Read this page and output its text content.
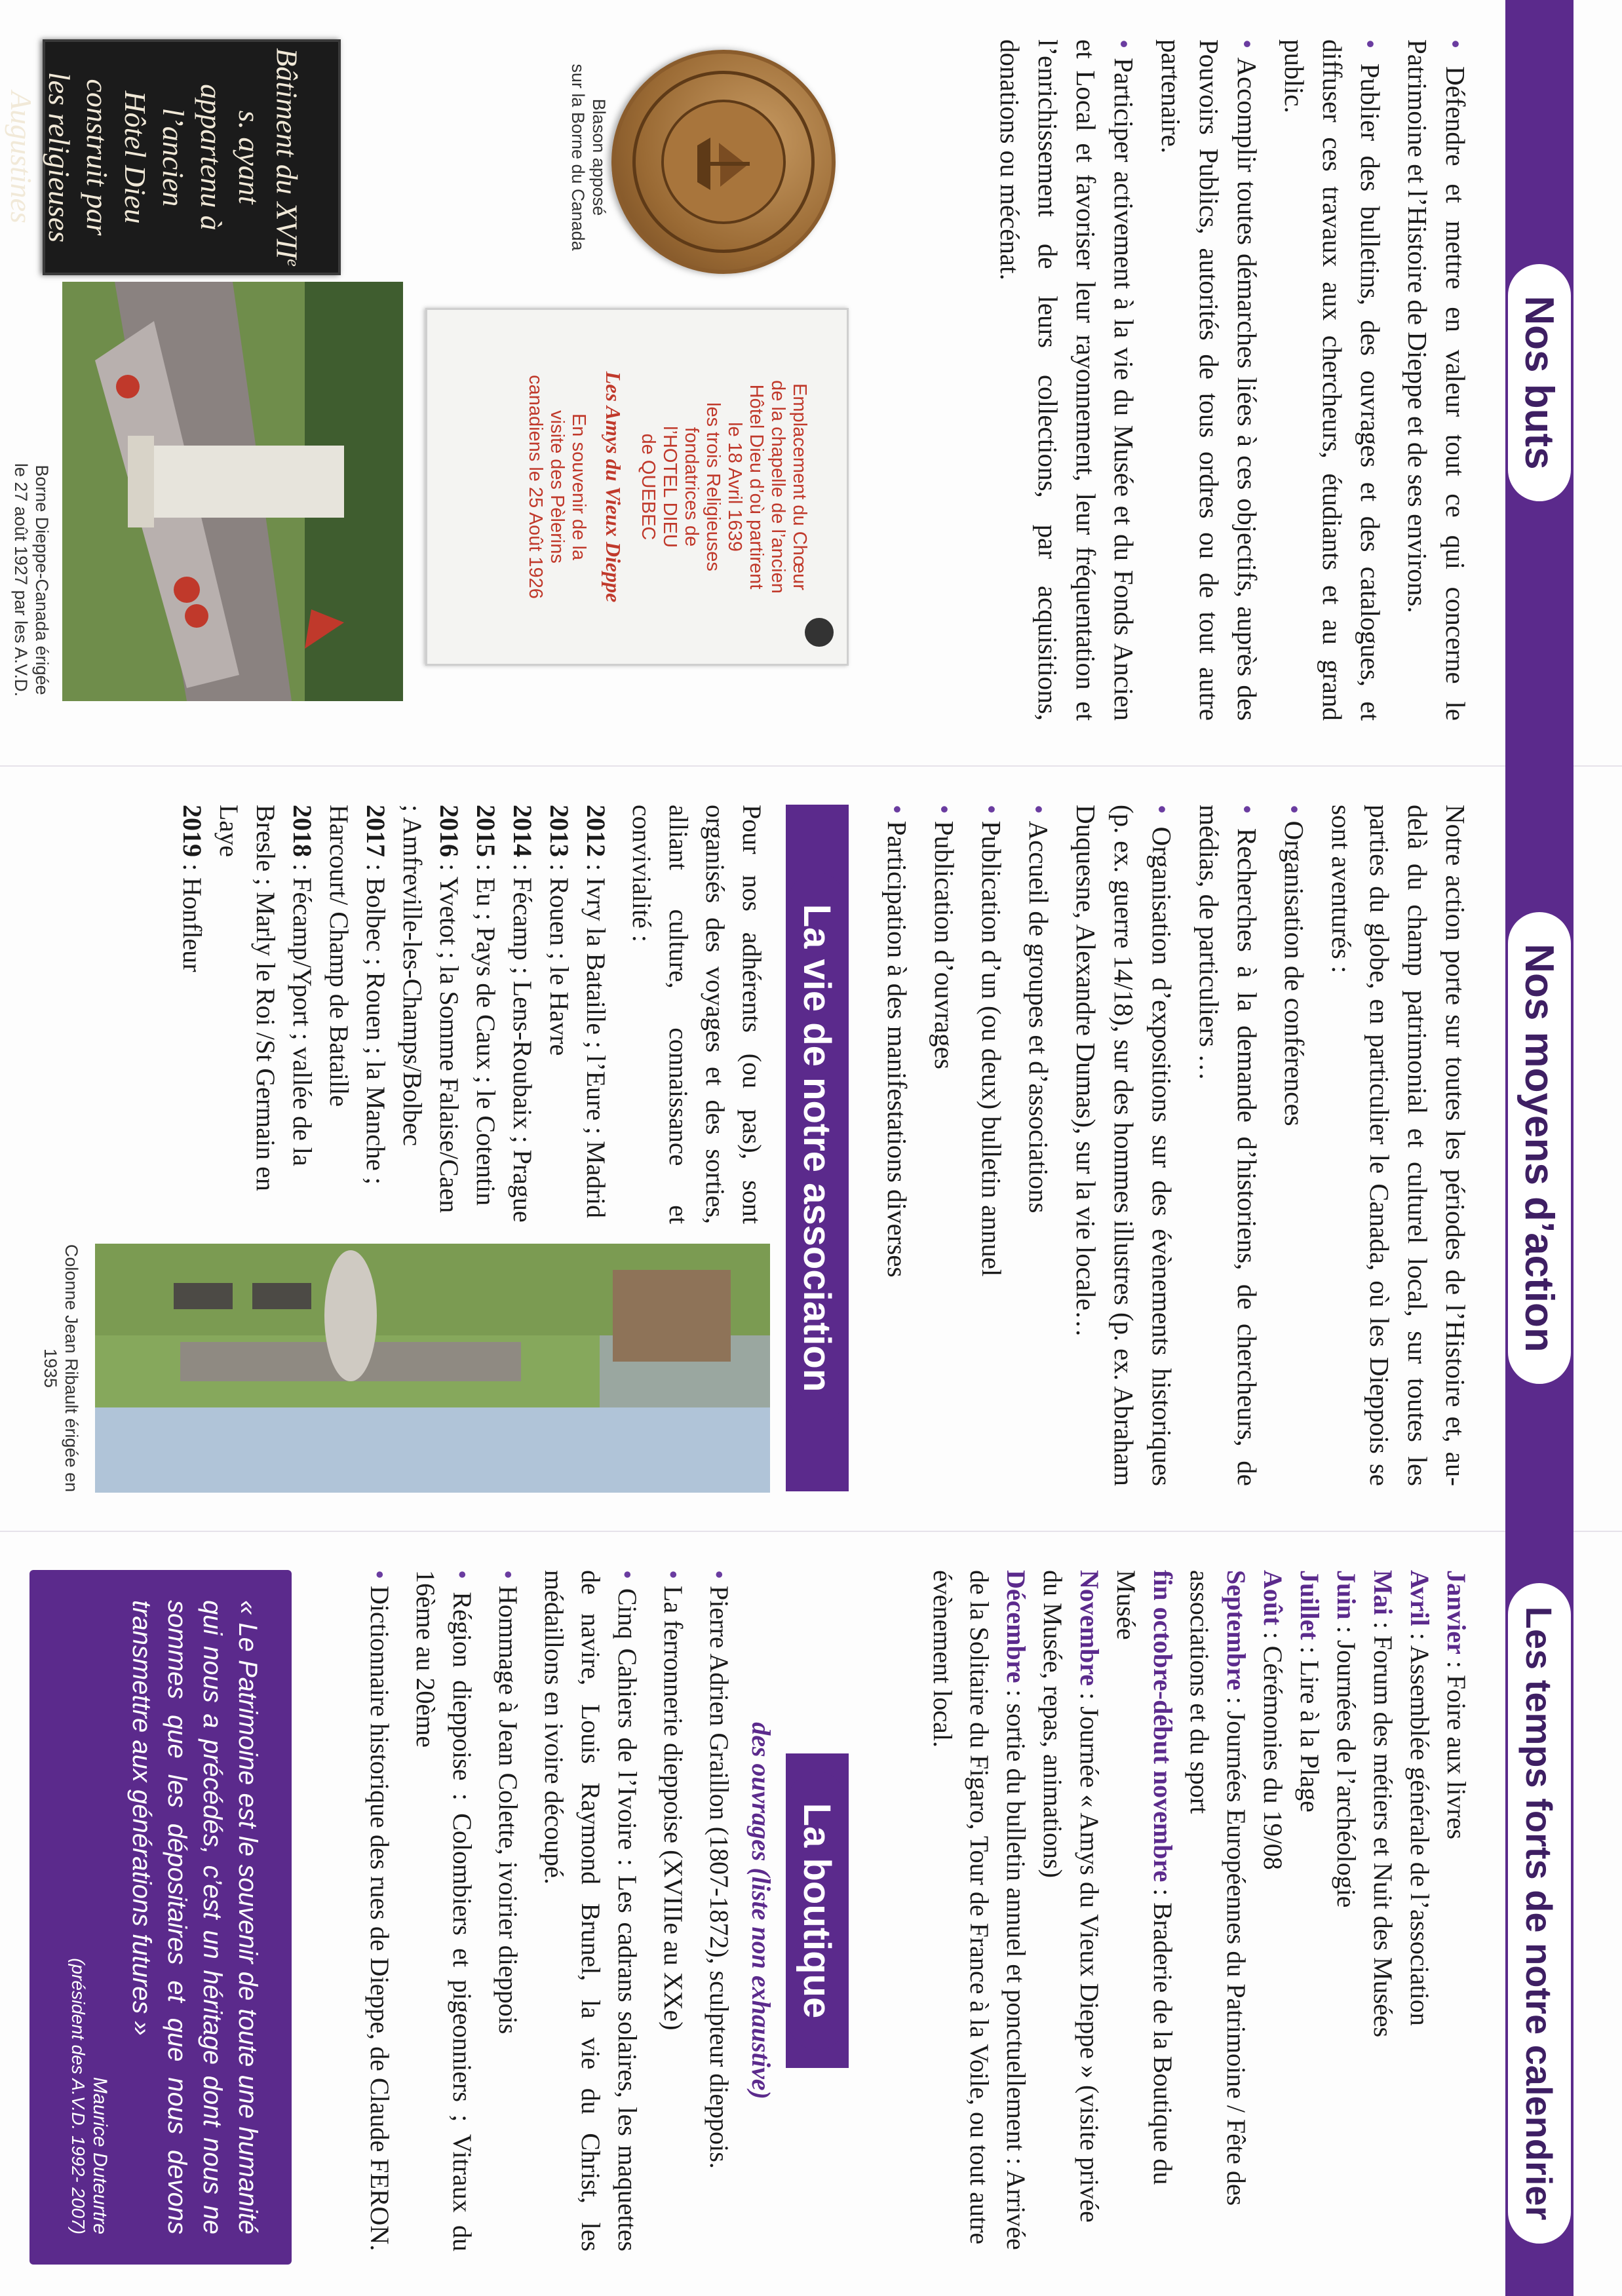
Nos buts

• Défendre et mettre en valeur tout ce qui concerne le Patrimoine et l’Histoire de Dieppe et de ses environs.

• Publier des bulletins, des ouvrages et des catalogues, et diffuser ces travaux aux chercheurs, étudiants et au grand public.

• Accomplir toutes démarches liées à ces objectifs, auprès des Pouvoirs Publics, autorités de tous ordres ou de tout autre partenaire.

• Participer activement à la vie du Musée et du Fonds Ancien et Local et favoriser leur rayonnement, leur fréquentation et l’enrichissement de leurs collections, par acquisitions, donations ou mécénat.

Blason apposé
sur la Borne du Canada
Emplacement du Chœur
de la chapelle de l’ancien
Hôtel Dieu d’où partirent
le 18 Avril 1639
les trois Religieuses
fondatrices de
l’HOTEL DIEU
de QUEBEC
Les Amys du Vieux Dieppe
En souvenir de la
visite des Pèlerins
canadiens le 25 Août 1926
Borne Dieppe-Canada érigée
le 27 août 1927 par les A.V.D.
Bâtiment du XVIIe s. ayant
appartenu à l’ancien
Hôtel Dieu construit par
les religieuses Augustines
Nos moyens d’action

Notre action porte sur toutes les périodes de l’Histoire et, au-delà du champ patrimonial et culturel local, sur toutes les parties du globe, en particulier le Canada, où les Dieppois se sont aventurés :

• Organisation de conférences

• Recherches à la demande d’historiens, de chercheurs, de médias, de particuliers …

• Organisation d’expositions sur des évènements historiques (p. ex. guerre 14/18), sur des hommes illustres (p. ex. Abraham Duquesne, Alexandre Dumas), sur la vie locale…

• Accueil de groupes et d’associations

• Publication d’un (ou deux) bulletin annuel

• Publication d’ouvrages

• Participation à des manifestations diverses

La vie de notre association

Pour nos adhérents (ou pas), sont organisés des voyages et des sorties, alliant culture, connaissance et convivialité :

2012 : Ivry la Bataille ; l’Eure ; Madrid
2013 : Rouen ; le Havre
2014 : Fécamp ; Lens-Roubaix ; Prague
2015 : Eu ; Pays de Caux ; le Cotentin
2016 : Yvetot ; la Somme Falaise/Caen ; Amfreville-les-Champs/Bolbec
2017 : Bolbec ; Rouen ; la Manche ; Harcourt/ Champ de Bataille
2018 : Fécamp/Yport ; vallée de la Bresle ; Marly le Roi /St Germain en Laye
2019 : Honfleur
Colonne Jean Ribault érigée en 1935
Les temps forts de notre calendrier
Janvier : Foire aux livres
Avril : Assemblée générale de l’association
Mai : Forum des métiers et Nuit des Musées
Juin : Journées de l’archéologie
Juillet : Lire à la Plage
Août : Cérémonies du 19/08
Septembre : Journées Européennes du Patrimoine / Fête des associations et du sport
fin octobre-début novembre : Braderie de la Boutique du Musée
Novembre : Journée « Amys du Vieux Dieppe » (visite privée du Musée, repas, animations)
Décembre : sortie du bulletin annuel et ponctuellement : Arrivée de la Solitaire du Figaro, Tour de France à la Voile, ou tout autre évènement local.
La boutique
des ouvrages (liste non exhaustive)

• Pierre Adrien Graillon (1807-1872), sculpteur dieppois.

• La ferronnerie dieppoise (XVIIIe au XXe)

• Cinq Cahiers de l’Ivoire : Les cadrans solaires, les maquettes de navire, Louis Raymond Brunel, la vie du Christ, les médaillons en ivoire découpé.

• Hommage à Jean Colette, ivoirier dieppois

• Région dieppoise : Colombiers et pigeonniers ; Vitraux du 16ème au 20ème

• Dictionnaire historique des rues de Dieppe, de Claude FERON.

« Le Patrimoine est le souvenir de toute une humanité qui nous a précédés, c’est un héritage dont nous ne sommes que les dépositaires et que nous devons transmettre aux générations futures »
Maurice Duteurtre
(président des A.V.D. 1992- 2007)
